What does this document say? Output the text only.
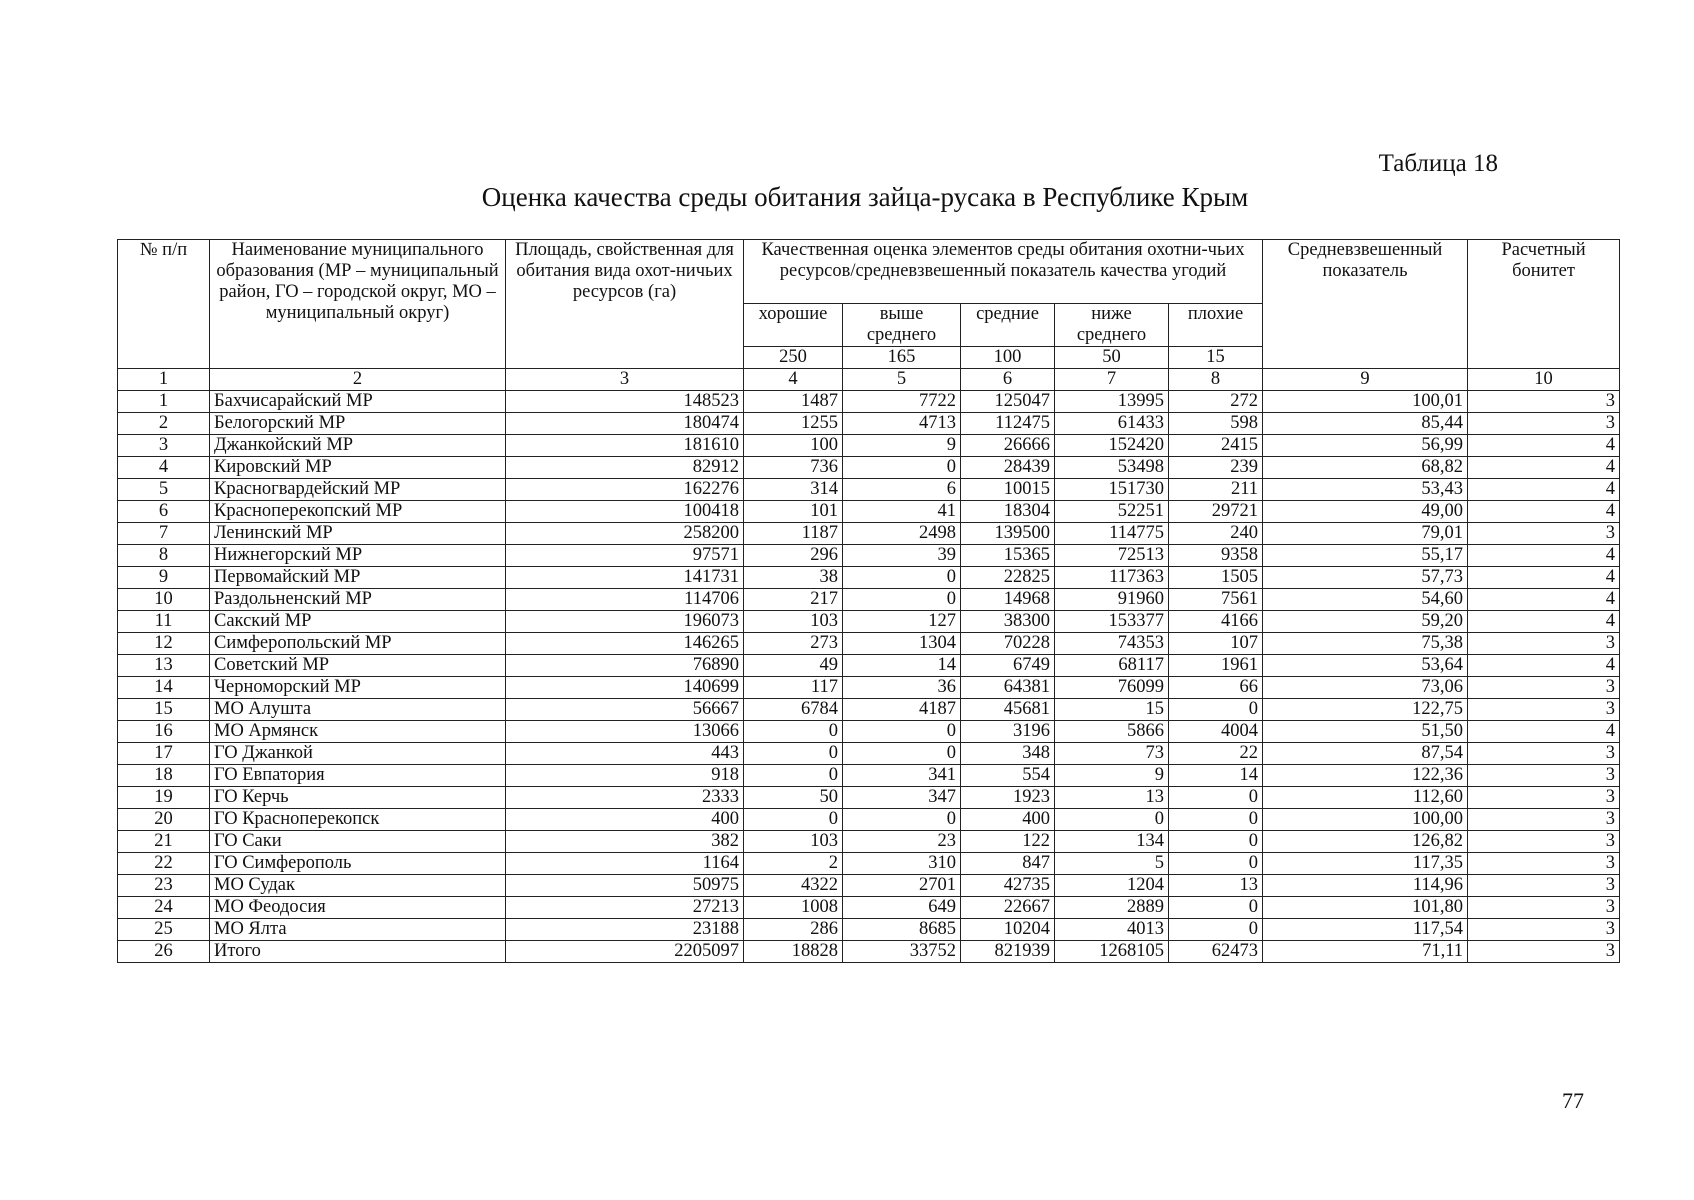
Таблица 18
Оценка качества среды обитания зайца-русака в Республике Крым
№ п/п	Наименование муниципального образования (МР – муниципальный район, ГО – городской округ, МО – муниципальный округ)	Площадь, свойственная для обитания вида охот-ничьих ресурсов (га)	Качественная оценка элементов среды обитания охотни-чьих ресурсов/средневзвешенный показатель качества угодий					Средневзвешенный показатель	Расчетный бонитет
			хорошие	выше среднего	средние	ниже среднего	плохие		
			250	165	100	50	15		
1	2	3	4	5	6	7	8	9	10
1	Бахчисарайский МР	148523	1487	7722	125047	13995	272	100,01	3
2	Белогорский МР	180474	1255	4713	112475	61433	598	85,44	3
3	Джанкойский МР	181610	100	9	26666	152420	2415	56,99	4
4	Кировский МР	82912	736	0	28439	53498	239	68,82	4
5	Красногвардейский МР	162276	314	6	10015	151730	211	53,43	4
6	Красноперекопский МР	100418	101	41	18304	52251	29721	49,00	4
7	Ленинский МР	258200	1187	2498	139500	114775	240	79,01	3
8	Нижнегорский МР	97571	296	39	15365	72513	9358	55,17	4
9	Первомайский МР	141731	38	0	22825	117363	1505	57,73	4
10	Раздольненский МР	114706	217	0	14968	91960	7561	54,60	4
11	Сакский МР	196073	103	127	38300	153377	4166	59,20	4
12	Симферопольский МР	146265	273	1304	70228	74353	107	75,38	3
13	Советский МР	76890	49	14	6749	68117	1961	53,64	4
14	Черноморский МР	140699	117	36	64381	76099	66	73,06	3
15	МО Алушта	56667	6784	4187	45681	15	0	122,75	3
16	МО Армянск	13066	0	0	3196	5866	4004	51,50	4
17	ГО Джанкой	443	0	0	348	73	22	87,54	3
18	ГО Евпатория	918	0	341	554	9	14	122,36	3
19	ГО Керчь	2333	50	347	1923	13	0	112,60	3
20	ГО Красноперекопск	400	0	0	400	0	0	100,00	3
21	ГО Саки	382	103	23	122	134	0	126,82	3
22	ГО Симферополь	1164	2	310	847	5	0	117,35	3
23	МО Судак	50975	4322	2701	42735	1204	13	114,96	3
24	МО Феодосия	27213	1008	649	22667	2889	0	101,80	3
25	МО Ялта	23188	286	8685	10204	4013	0	117,54	3
26	Итого	2205097	18828	33752	821939	1268105	62473	71,11	3
77
